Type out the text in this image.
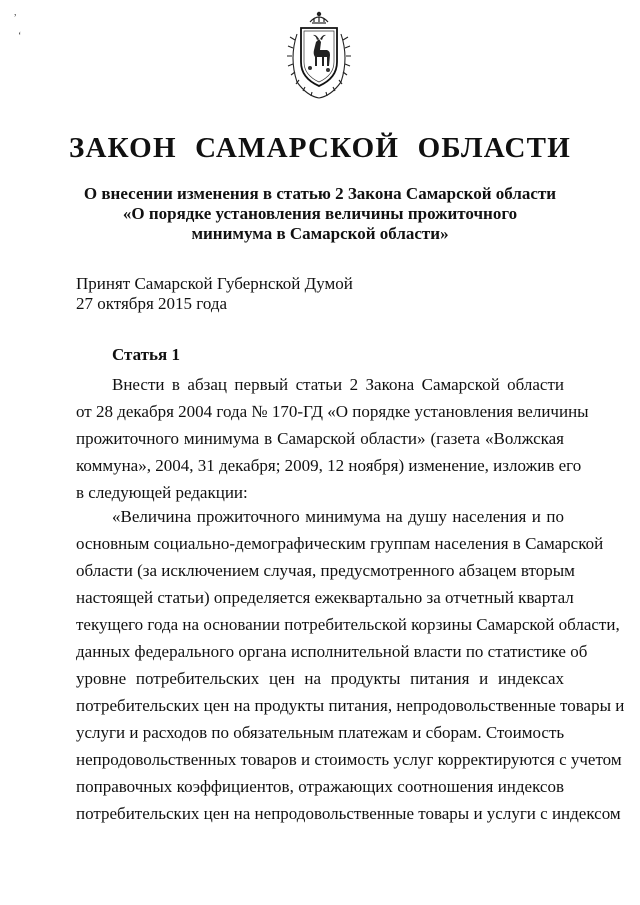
,
‘
ЗАКОН САМАРСКОЙ ОБЛАСТИ
О внесении изменения в статью 2 Закона Самарской области
«О порядке установления величины прожиточного
минимума в Самарской области»
Принят Самарской Губернской Думой
27 октября 2015 года
Статья 1
Внести в абзац первый статьи 2 Закона Самарской области
от 28 декабря 2004 года № 170-ГД «О порядке установления величины
прожиточного минимума в Самарской области» (газета «Волжская
коммуна», 2004, 31 декабря; 2009, 12 ноября) изменение, изложив его
в следующей редакции:
«Величина прожиточного минимума на душу населения и по
основным социально-демографическим группам населения в Самарской
области (за исключением случая, предусмотренного абзацем вторым
настоящей статьи) определяется ежеквартально за отчетный квартал
текущего года на основании потребительской корзины Самарской области,
данных федерального органа исполнительной власти по статистике об
уровне потребительских цен на продукты питания и индексах
потребительских цен на продукты питания, непродовольственные товары и
услуги и расходов по обязательным платежам и сборам. Стоимость
непродовольственных товаров и стоимость услуг корректируются с учетом
поправочных коэффициентов, отражающих соотношения индексов
потребительских цен на непродовольственные товары и услуги с индексом
